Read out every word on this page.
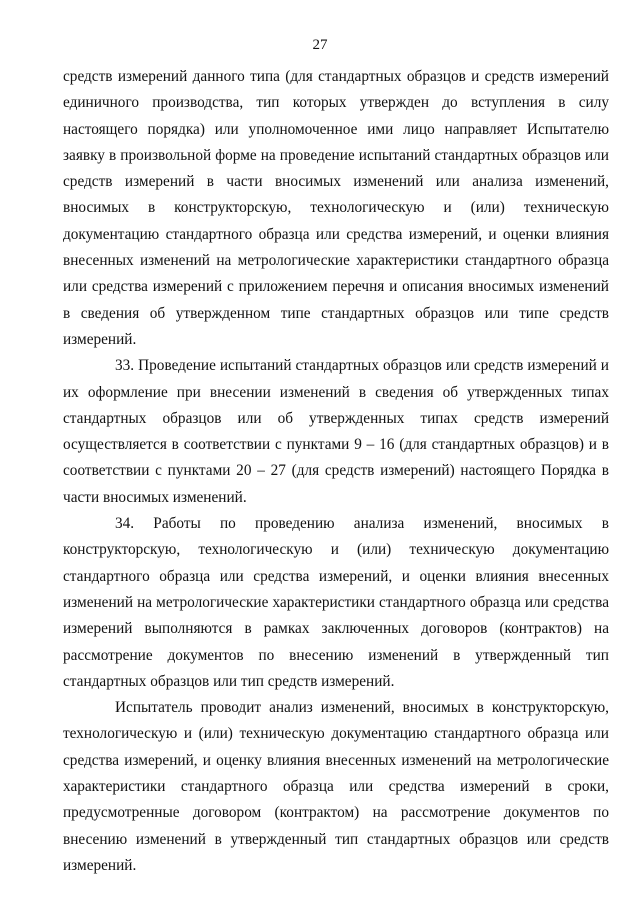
27

средств измерений данного типа (для стандартных образцов и средств измерений единичного производства, тип которых утвержден до вступления в силу настоящего порядка) или уполномоченное ими лицо направляет Испытателю заявку в произвольной форме на проведение испытаний стандартных образцов или средств измерений в части вносимых изменений или анализа изменений, вносимых в конструкторскую, технологическую и (или) техническую документацию стандартного образца или средства измерений, и оценки влияния внесенных изменений на метрологические характеристики стандартного образца или средства измерений с приложением перечня и описания вносимых изменений в сведения об утвержденном типе стандартных образцов или типе средств измерений.

33. Проведение испытаний стандартных образцов или средств измерений и их оформление при внесении изменений в сведения об утвержденных типах стандартных образцов или об утвержденных типах средств измерений осуществляется в соответствии с пунктами 9 – 16 (для стандартных образцов) и в соответствии с пунктами 20 – 27 (для средств измерений) настоящего Порядка в части вносимых изменений.

34. Работы по проведению анализа изменений, вносимых в конструкторскую, технологическую и (или) техническую документацию стандартного образца или средства измерений, и оценки влияния внесенных изменений на метрологические характеристики стандартного образца или средства измерений выполняются в рамках заключенных договоров (контрактов) на рассмотрение документов по внесению изменений в утвержденный тип стандартных образцов или тип средств измерений.

Испытатель проводит анализ изменений, вносимых в конструкторскую, технологическую и (или) техническую документацию стандартного образца или средства измерений, и оценку влияния внесенных изменений на метрологические характеристики стандартного образца или средства измерений в сроки, предусмотренные договором (контрактом) на рассмотрение документов по внесению изменений в утвержденный тип стандартных образцов или средств измерений.
